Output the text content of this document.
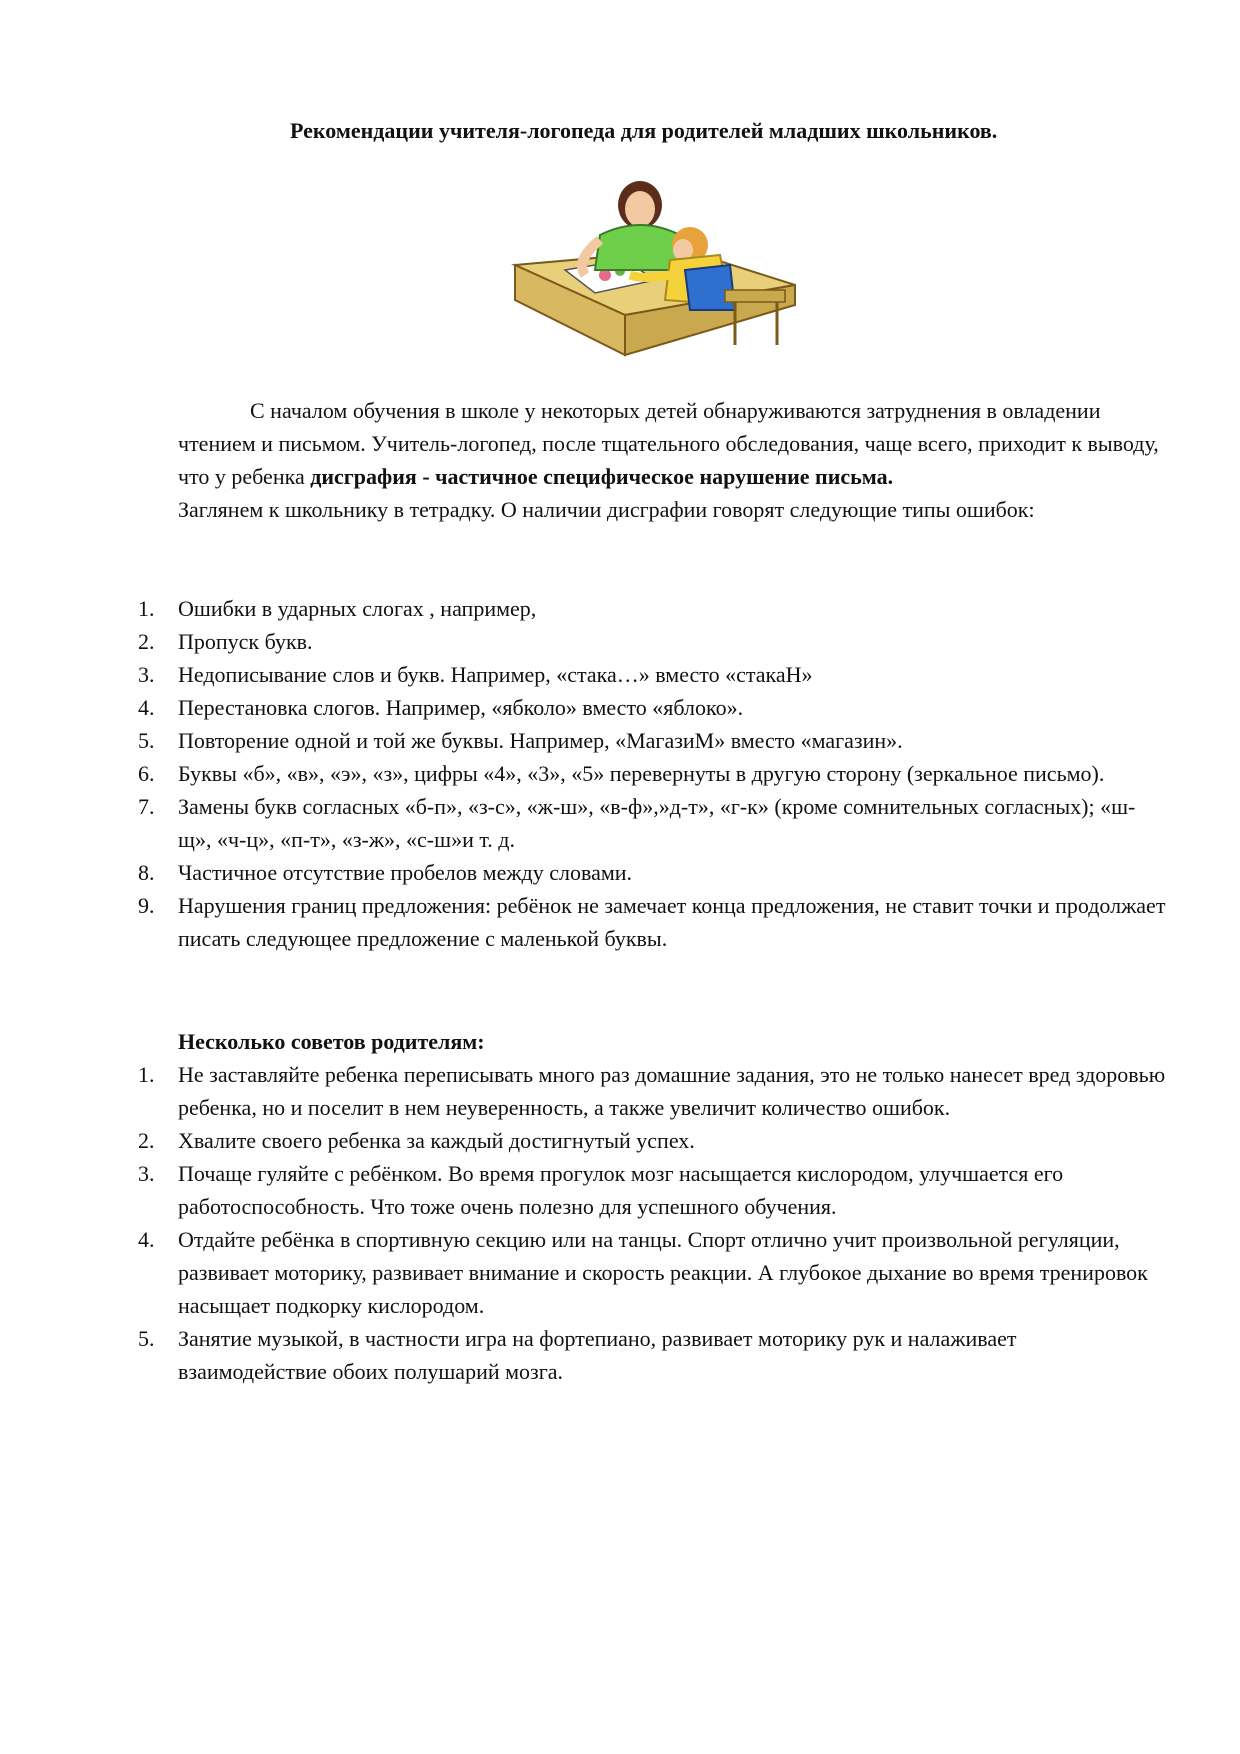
Рекомендации учителя-логопеда для родителей младших школьников.

С началом обучения в школе у некоторых детей обнаруживаются затруднения в овладении чтением и письмом. Учитель-логопед, после тщательного обследования, чаще всего, приходит к выводу, что у ребенка дисграфия - частичное специфическое нарушение письма.

Заглянем к школьнику в тетрадку. О наличии дисграфии говорят следующие типы ошибок:

1.	Ошибки в ударных слогах , например,
2.	Пропуск букв.
3.	Недописывание слов и букв. Например, «стака…» вместо «стакаН»
4.	Перестановка слогов. Например, «ябколо» вместо «яблоко».
5.	Повторение одной и той же буквы. Например, «МагазиМ» вместо «магазин».
6.	Буквы «б», «в», «э», «з», цифры «4», «3», «5» перевернуты в другую сторону (зеркальное письмо).
7.	Замены букв согласных «б-п», «з-с», «ж-ш», «в-ф»,»д-т», «г-к» (кроме сомнительных согласных); «ш-щ», «ч-ц», «п-т», «з-ж», «с-ш»и т. д.
8.	Частичное отсутствие пробелов между словами.
9.	Нарушения границ предложения: ребёнок не замечает конца предложения, не ставит точки и продолжает писать следующее предложение с маленькой буквы.
Несколько советов родителям:
1.	Не заставляйте ребенка переписывать много раз домашние задания, это не только нанесет вред здоровью ребенка, но и поселит в нем неуверенность, а также увеличит количество ошибок.
2.	Хвалите своего ребенка за каждый достигнутый успех.
3.	Почаще гуляйте с ребёнком. Во время прогулок мозг насыщается кислородом, улучшается его работоспособность. Что тоже очень полезно для успешного обучения.
4.	Отдайте ребёнка в спортивную секцию или на танцы. Спорт отлично учит произвольной регуляции, развивает моторику, развивает внимание и скорость реакции. А глубокое дыхание во время тренировок насыщает подкорку кислородом.
5.	Занятие музыкой, в частности игра на фортепиано, развивает моторику рук и налаживает взаимодействие обоих полушарий мозга.
